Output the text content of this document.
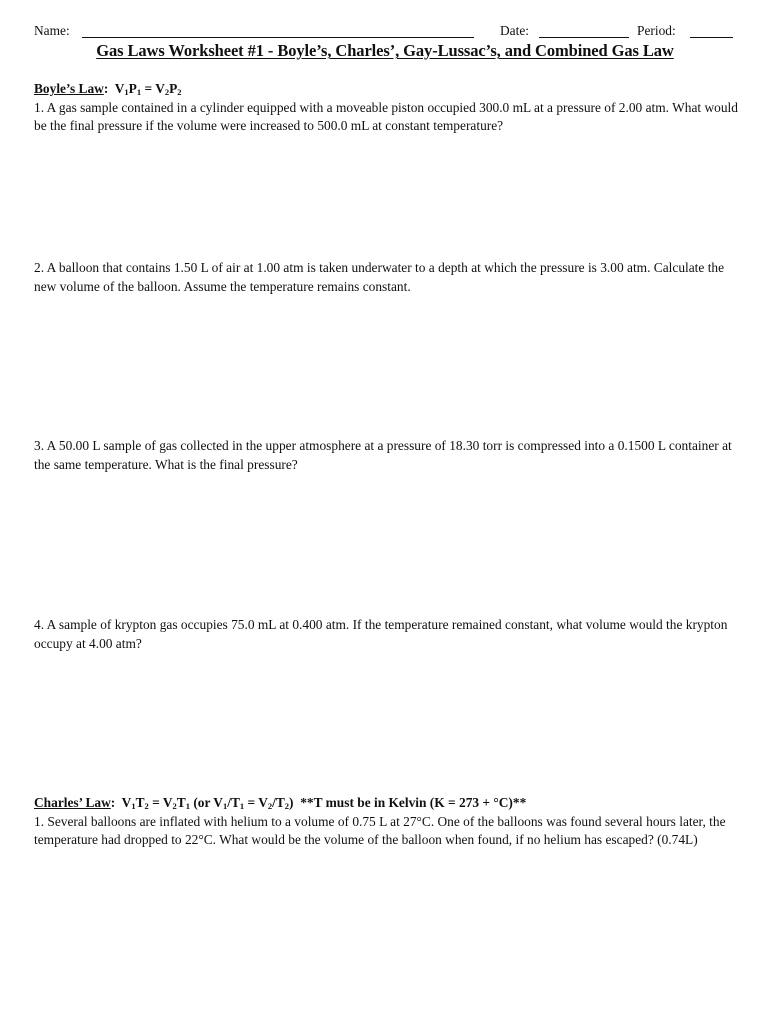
Name:	Date:	Period:
Gas Laws Worksheet #1 - Boyle’s, Charles’, Gay-Lussac’s, and Combined Gas Law
Boyle’s Law:  $V_1P_1 = V_2P_2$

1. A gas sample contained in a cylinder equipped with a moveable piston occupied 300.0 mL at a pressure of 2.00 atm. What would be the final pressure if the volume were increased to 500.0 mL at constant temperature?

2. A balloon that contains 1.50 L of air at 1.00 atm is taken underwater to a depth at which the pressure is 3.00 atm. Calculate the new volume of the balloon. Assume the temperature remains constant.

3. A 50.00 L sample of gas collected in the upper atmosphere at a pressure of 18.30 torr is compressed into a 0.1500 L container at the same temperature. What is the final pressure?

4. A sample of krypton gas occupies 75.0 mL at 0.400 atm. If the temperature remained constant, what volume would the krypton occupy at 4.00 atm?

Charles’ Law:  $V_1T_2 = V_2T_1$ (or $V_1/T_1 = V_2/T_2$)  **T must be in Kelvin (K = 273 + °C)**

1. Several balloons are inflated with helium to a volume of 0.75 L at 27°C. One of the balloons was found several hours later, the temperature had dropped to 22°C. What would be the volume of the balloon when found, if no helium has escaped? (0.74L)
